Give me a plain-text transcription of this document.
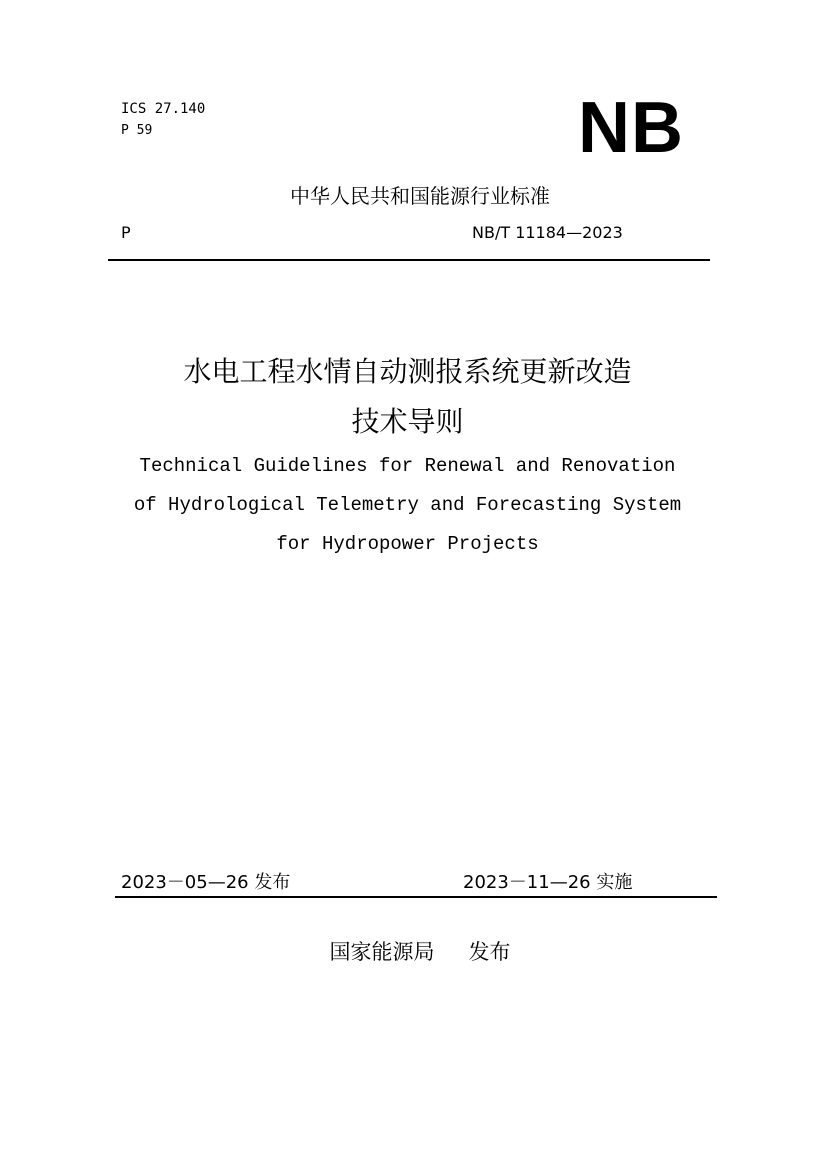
ICS 27.140
P 59	NB
中华人民共和国能源行业标准
P	NB/T 11184—2023
水电工程水情自动测报系统更新改造
技术导则
Technical Guidelines for Renewal and Renovation
of Hydrological Telemetry and Forecasting System
for Hydropower Projects
2023－05—26 发布	2023－11—26 实施
国家能源局 发布
